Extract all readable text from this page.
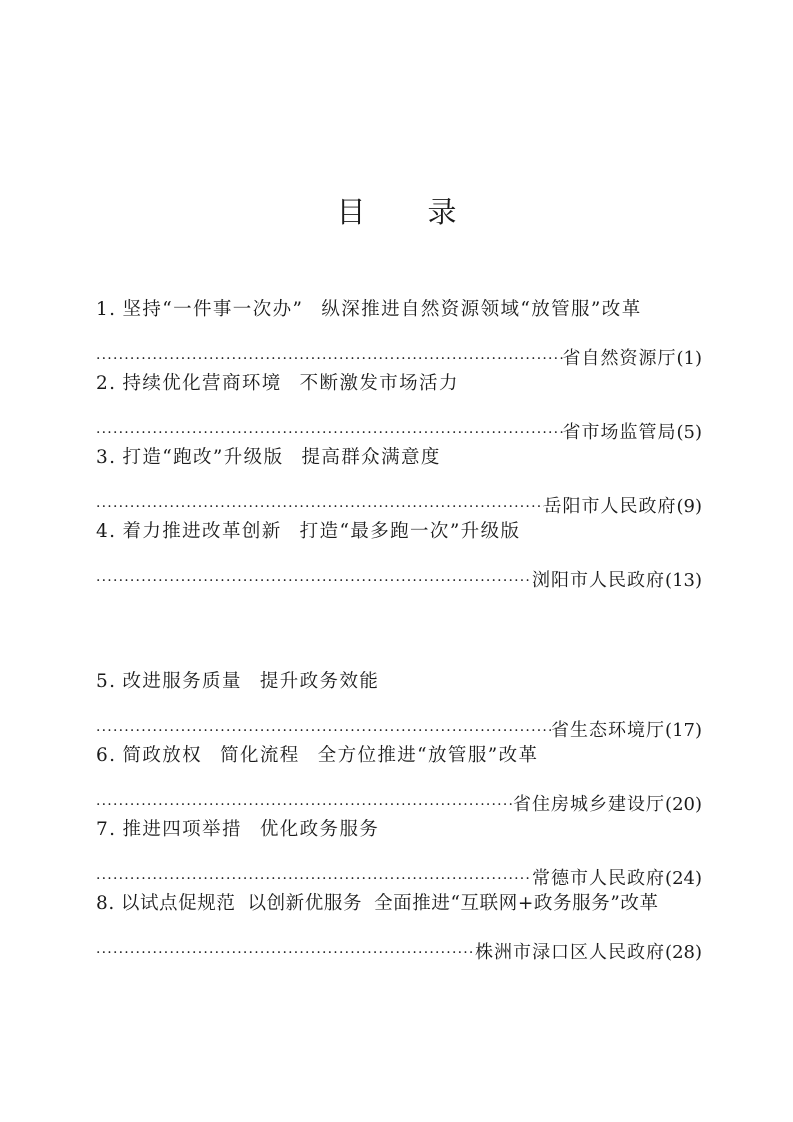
目 录
1. 坚持“一件事一次办” 纵深推进自然资源领域“放管服”改革
·····
省自然资源厅 (1)
2. 持续优化营商环境 不断激发市场活力
·····
省市场监管局 (5)
3. 打造“跑改”升级版 提高群众满意度
·····
岳阳市人民政府 (9)
4. 着力推进改革创新 打造“最多跑一次”升级版
·····
浏阳市人民政府 (13)
5. 改进服务质量 提升政务效能
·····
省生态环境厅 (17)
6. 简政放权 简化流程 全方位推进“放管服”改革
·····
省住房城乡建设厅 (20)
7. 推进四项举措 优化政务服务
·····
常德市人民政府 (24)
8. 以试点促规范 以创新优服务 全面推进“互联网+政务服务”改革
·····
株洲市渌口区人民政府 (28)
